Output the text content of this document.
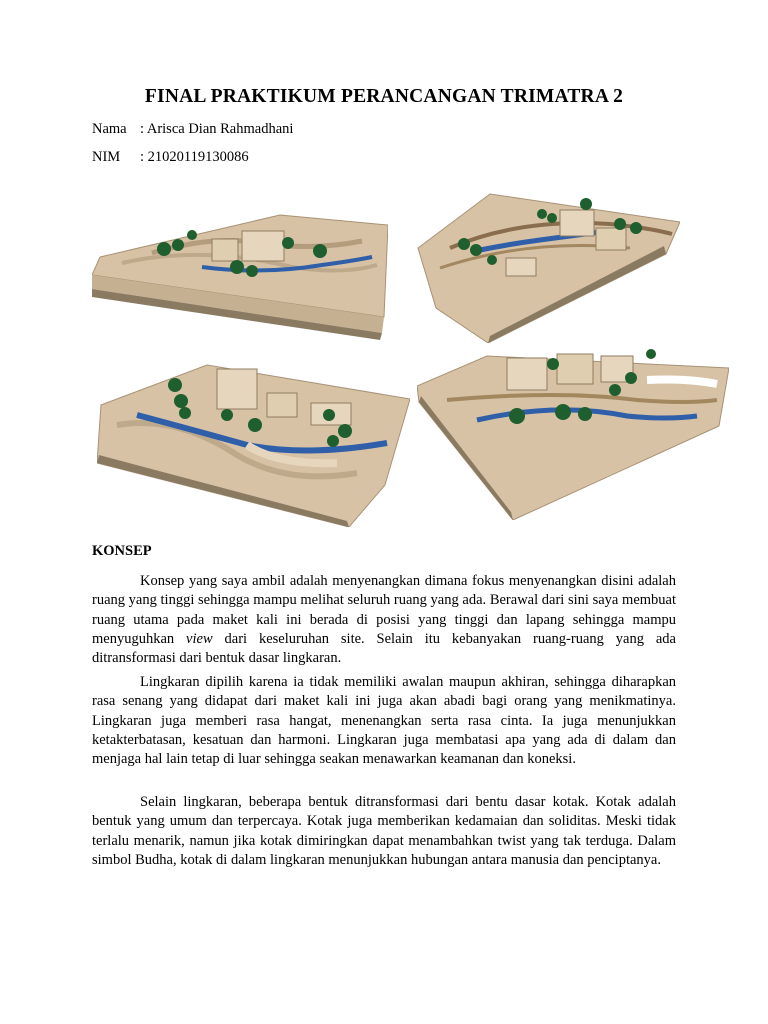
FINAL PRAKTIKUM PERANCANGAN TRIMATRA 2
Nama : Arisca Dian Rahmadhani
NIM : 21020119130086
KONSEP

Konsep yang saya ambil adalah menyenangkan dimana fokus menyenangkan disini adalah ruang yang tinggi sehingga mampu melihat seluruh ruang yang ada. Berawal dari sini saya membuat ruang utama pada maket kali ini berada di posisi yang tinggi dan lapang sehingga mampu menyuguhkan view dari keseluruhan site. Selain itu kebanyakan ruang-ruang yang ada ditransformasi dari bentuk dasar lingkaran.

Lingkaran dipilih karena ia tidak memiliki awalan maupun akhiran, sehingga diharapkan rasa senang yang didapat dari maket kali ini juga akan abadi bagi orang yang menikmatinya. Lingkaran juga memberi rasa hangat, menenangkan serta rasa cinta. Ia juga menunjukkan ketakterbatasan, kesatuan dan harmoni. Lingkaran juga membatasi apa yang ada di dalam dan menjaga hal lain tetap di luar sehingga seakan menawarkan keamanan dan koneksi.

Selain lingkaran, beberapa bentuk ditransformasi dari bentu dasar kotak. Kotak adalah bentuk yang umum dan terpercaya. Kotak juga memberikan kedamaian dan soliditas. Meski tidak terlalu menarik, namun jika kotak dimiringkan dapat menambahkan twist yang tak terduga. Dalam simbol Budha, kotak di dalam lingkaran menunjukkan hubungan antara manusia dan penciptanya.
